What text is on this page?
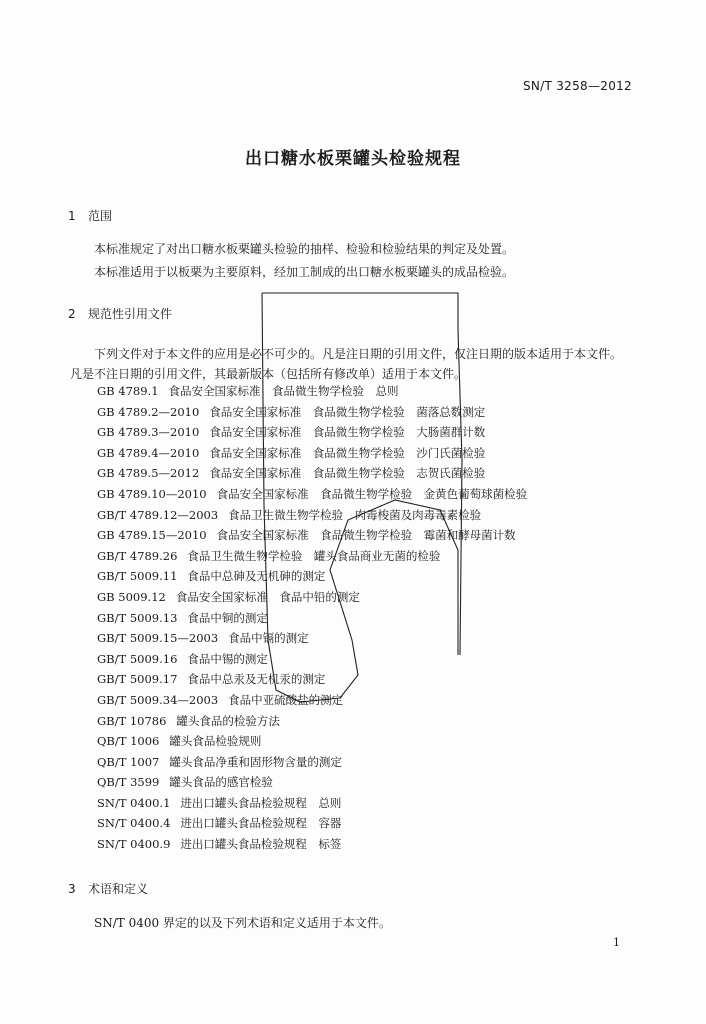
SN/T 3258—2012
出口糖水板栗罐头检验规程
1 范围
本标准规定了对出口糖水板栗罐头检验的抽样、检验和检验结果的判定及处置。
本标准适用于以板栗为主要原料，经加工制成的出口糖水板栗罐头的成品检验。
2 规范性引用文件
下列文件对于本文件的应用是必不可少的。凡是注日期的引用文件，仅注日期的版本适用于本文件。凡是不注日期的引用文件，其最新版本（包括所有修改单）适用于本文件。
GB 4789.1 食品安全国家标准　食品微生物学检验　总则
GB 4789.2—2010 食品安全国家标准　食品微生物学检验　菌落总数测定
GB 4789.3—2010 食品安全国家标准　食品微生物学检验　大肠菌群计数
GB 4789.4—2010 食品安全国家标准　食品微生物学检验　沙门氏菌检验
GB 4789.5—2012 食品安全国家标准　食品微生物学检验　志贺氏菌检验
GB 4789.10—2010 食品安全国家标准　食品微生物学检验　金黄色葡萄球菌检验
GB/T 4789.12—2003 食品卫生微生物学检验　肉毒梭菌及肉毒毒素检验
GB 4789.15—2010 食品安全国家标准　食品微生物学检验　霉菌和酵母菌计数
GB/T 4789.26 食品卫生微生物学检验　罐头食品商业无菌的检验
GB/T 5009.11 食品中总砷及无机砷的测定
GB 5009.12 食品安全国家标准　食品中铅的测定
GB/T 5009.13 食品中铜的测定
GB/T 5009.15—2003 食品中镉的测定
GB/T 5009.16 食品中锡的测定
GB/T 5009.17 食品中总汞及无机汞的测定
GB/T 5009.34—2003 食品中亚硫酸盐的测定
GB/T 10786 罐头食品的检验方法
QB/T 1006 罐头食品检验规则
QB/T 1007 罐头食品净重和固形物含量的测定
QB/T 3599 罐头食品的感官检验
SN/T 0400.1 进出口罐头食品检验规程　总则
SN/T 0400.4 进出口罐头食品检验规程　容器
SN/T 0400.9 进出口罐头食品检验规程　标签
3 术语和定义
SN/T 0400 界定的以及下列术语和定义适用于本文件。
1
